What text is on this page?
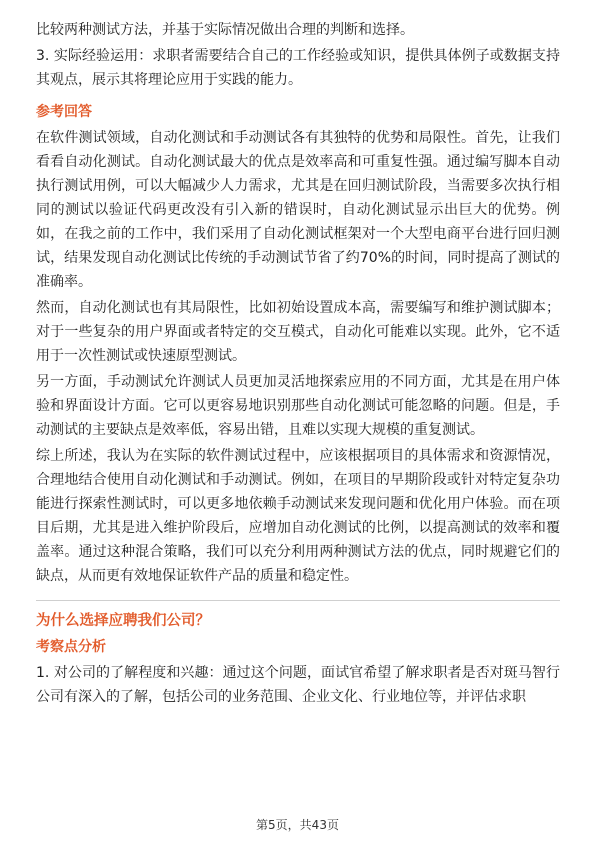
比较两种测试方法，并基于实际情况做出合理的判断和选择。

3. 实际经验运用：求职者需要结合自己的工作经验或知识，提供具体例子或数据支持其观点，展示其将理论应用于实践的能力。

参考回答

在软件测试领域，自动化测试和手动测试各有其独特的优势和局限性。首先，让我们看看自动化测试。自动化测试最大的优点是效率高和可重复性强。通过编写脚本自动执行测试用例，可以大幅减少人力需求，尤其是在回归测试阶段，当需要多次执行相同的测试以验证代码更改没有引入新的错误时，自动化测试显示出巨大的优势。例如，在我之前的工作中，我们采用了自动化测试框架对一个大型电商平台进行回归测试，结果发现自动化测试比传统的手动测试节省了约70%的时间，同时提高了测试的准确率。

然而，自动化测试也有其局限性，比如初始设置成本高，需要编写和维护测试脚本；对于一些复杂的用户界面或者特定的交互模式，自动化可能难以实现。此外，它不适用于一次性测试或快速原型测试。

另一方面，手动测试允许测试人员更加灵活地探索应用的不同方面，尤其是在用户体验和界面设计方面。它可以更容易地识别那些自动化测试可能忽略的问题。但是，手动测试的主要缺点是效率低，容易出错，且难以实现大规模的重复测试。

综上所述，我认为在实际的软件测试过程中，应该根据项目的具体需求和资源情况，合理地结合使用自动化测试和手动测试。例如，在项目的早期阶段或针对特定复杂功能进行探索性测试时，可以更多地依赖手动测试来发现问题和优化用户体验。而在项目后期，尤其是进入维护阶段后，应增加自动化测试的比例，以提高测试的效率和覆盖率。通过这种混合策略，我们可以充分利用两种测试方法的优点，同时规避它们的缺点，从而更有效地保证软件产品的质量和稳定性。

为什么选择应聘我们公司？
考察点分析

1. 对公司的了解程度和兴趣：通过这个问题，面试官希望了解求职者是否对斑马智行公司有深入的了解，包括公司的业务范围、企业文化、行业地位等，并评估求职

第5页，共43页
